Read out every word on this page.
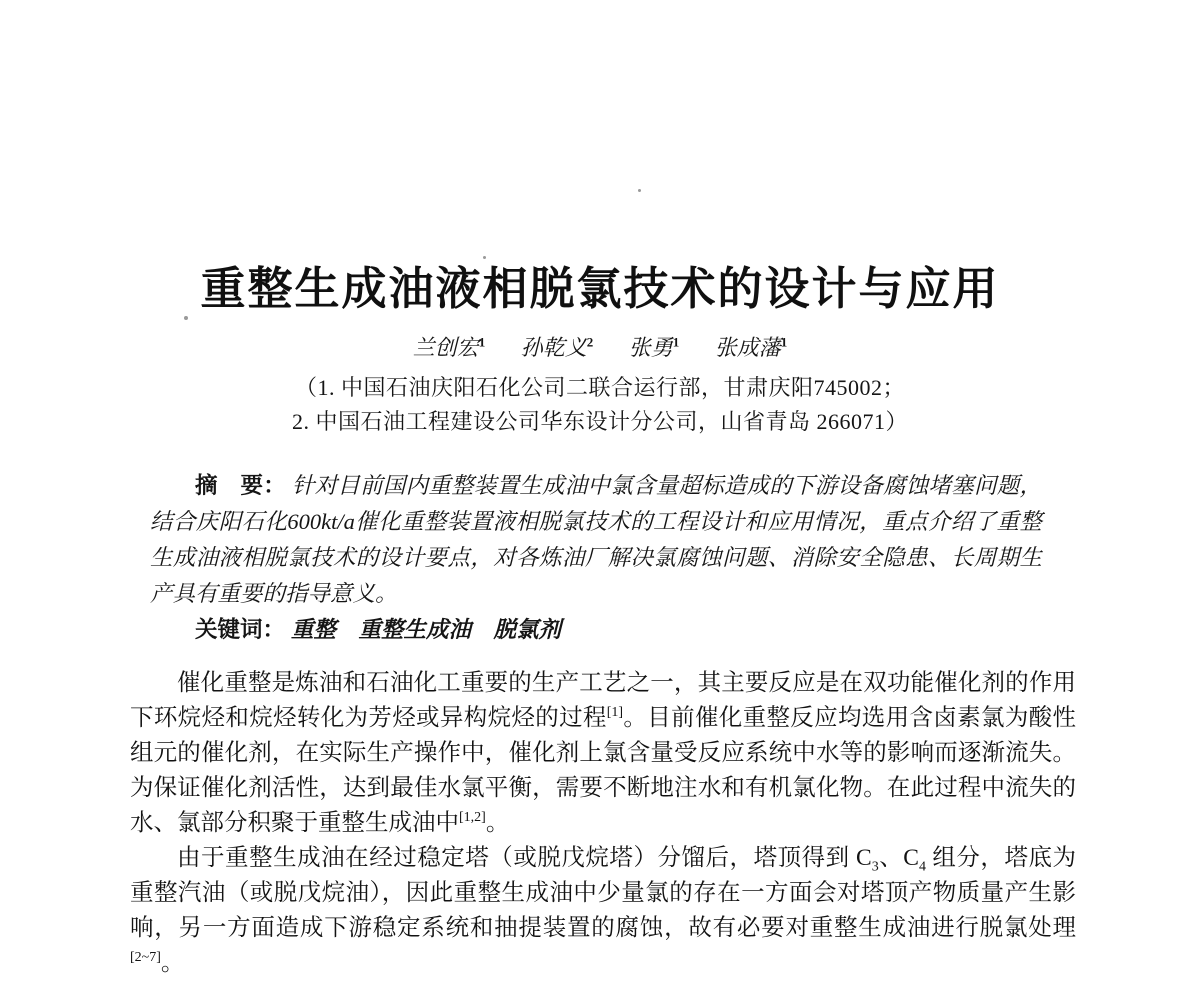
重整生成油液相脱氯技术的设计与应用
兰创宏$^1$ 孙乾义$^2$ 张勇$^1$ 张成藩$^1$
（1. 中国石油庆阳石化公司二联合运行部，甘肃庆阳745002；
2. 中国石油工程建设公司华东设计分公司，山省青岛 266071）

摘　要： 针对目前国内重整装置生成油中氯含量超标造成的下游设备腐蚀堵塞问题，结合庆阳石化600kt/a催化重整装置液相脱氯技术的工程设计和应用情况，重点介绍了重整生成油液相脱氯技术的设计要点，对各炼油厂解决氯腐蚀问题、消除安全隐患、长周期生产具有重要的指导意义。

关键词： 重整　重整生成油　脱氯剂

催化重整是炼油和石油化工重要的生产工艺之一，其主要反应是在双功能催化剂的作用下环烷烃和烷烃转化为芳烃或异构烷烃的过程[1]。目前催化重整反应均选用含卤素氯为酸性组元的催化剂，在实际生产操作中，催化剂上氯含量受反应系统中水等的影响而逐渐流失。为保证催化剂活性，达到最佳水氯平衡，需要不断地注水和有机氯化物。在此过程中流失的水、氯部分积聚于重整生成油中[1,2]。

由于重整生成油在经过稳定塔（或脱戊烷塔）分馏后，塔顶得到 $C_3$、$C_4$ 组分，塔底为重整汽油（或脱戊烷油），因此重整生成油中少量氯的存在一方面会对塔顶产物质量产生影响，另一方面造成下游稳定系统和抽提装置的腐蚀，故有必要对重整生成油进行脱氯处理[2~7]。
